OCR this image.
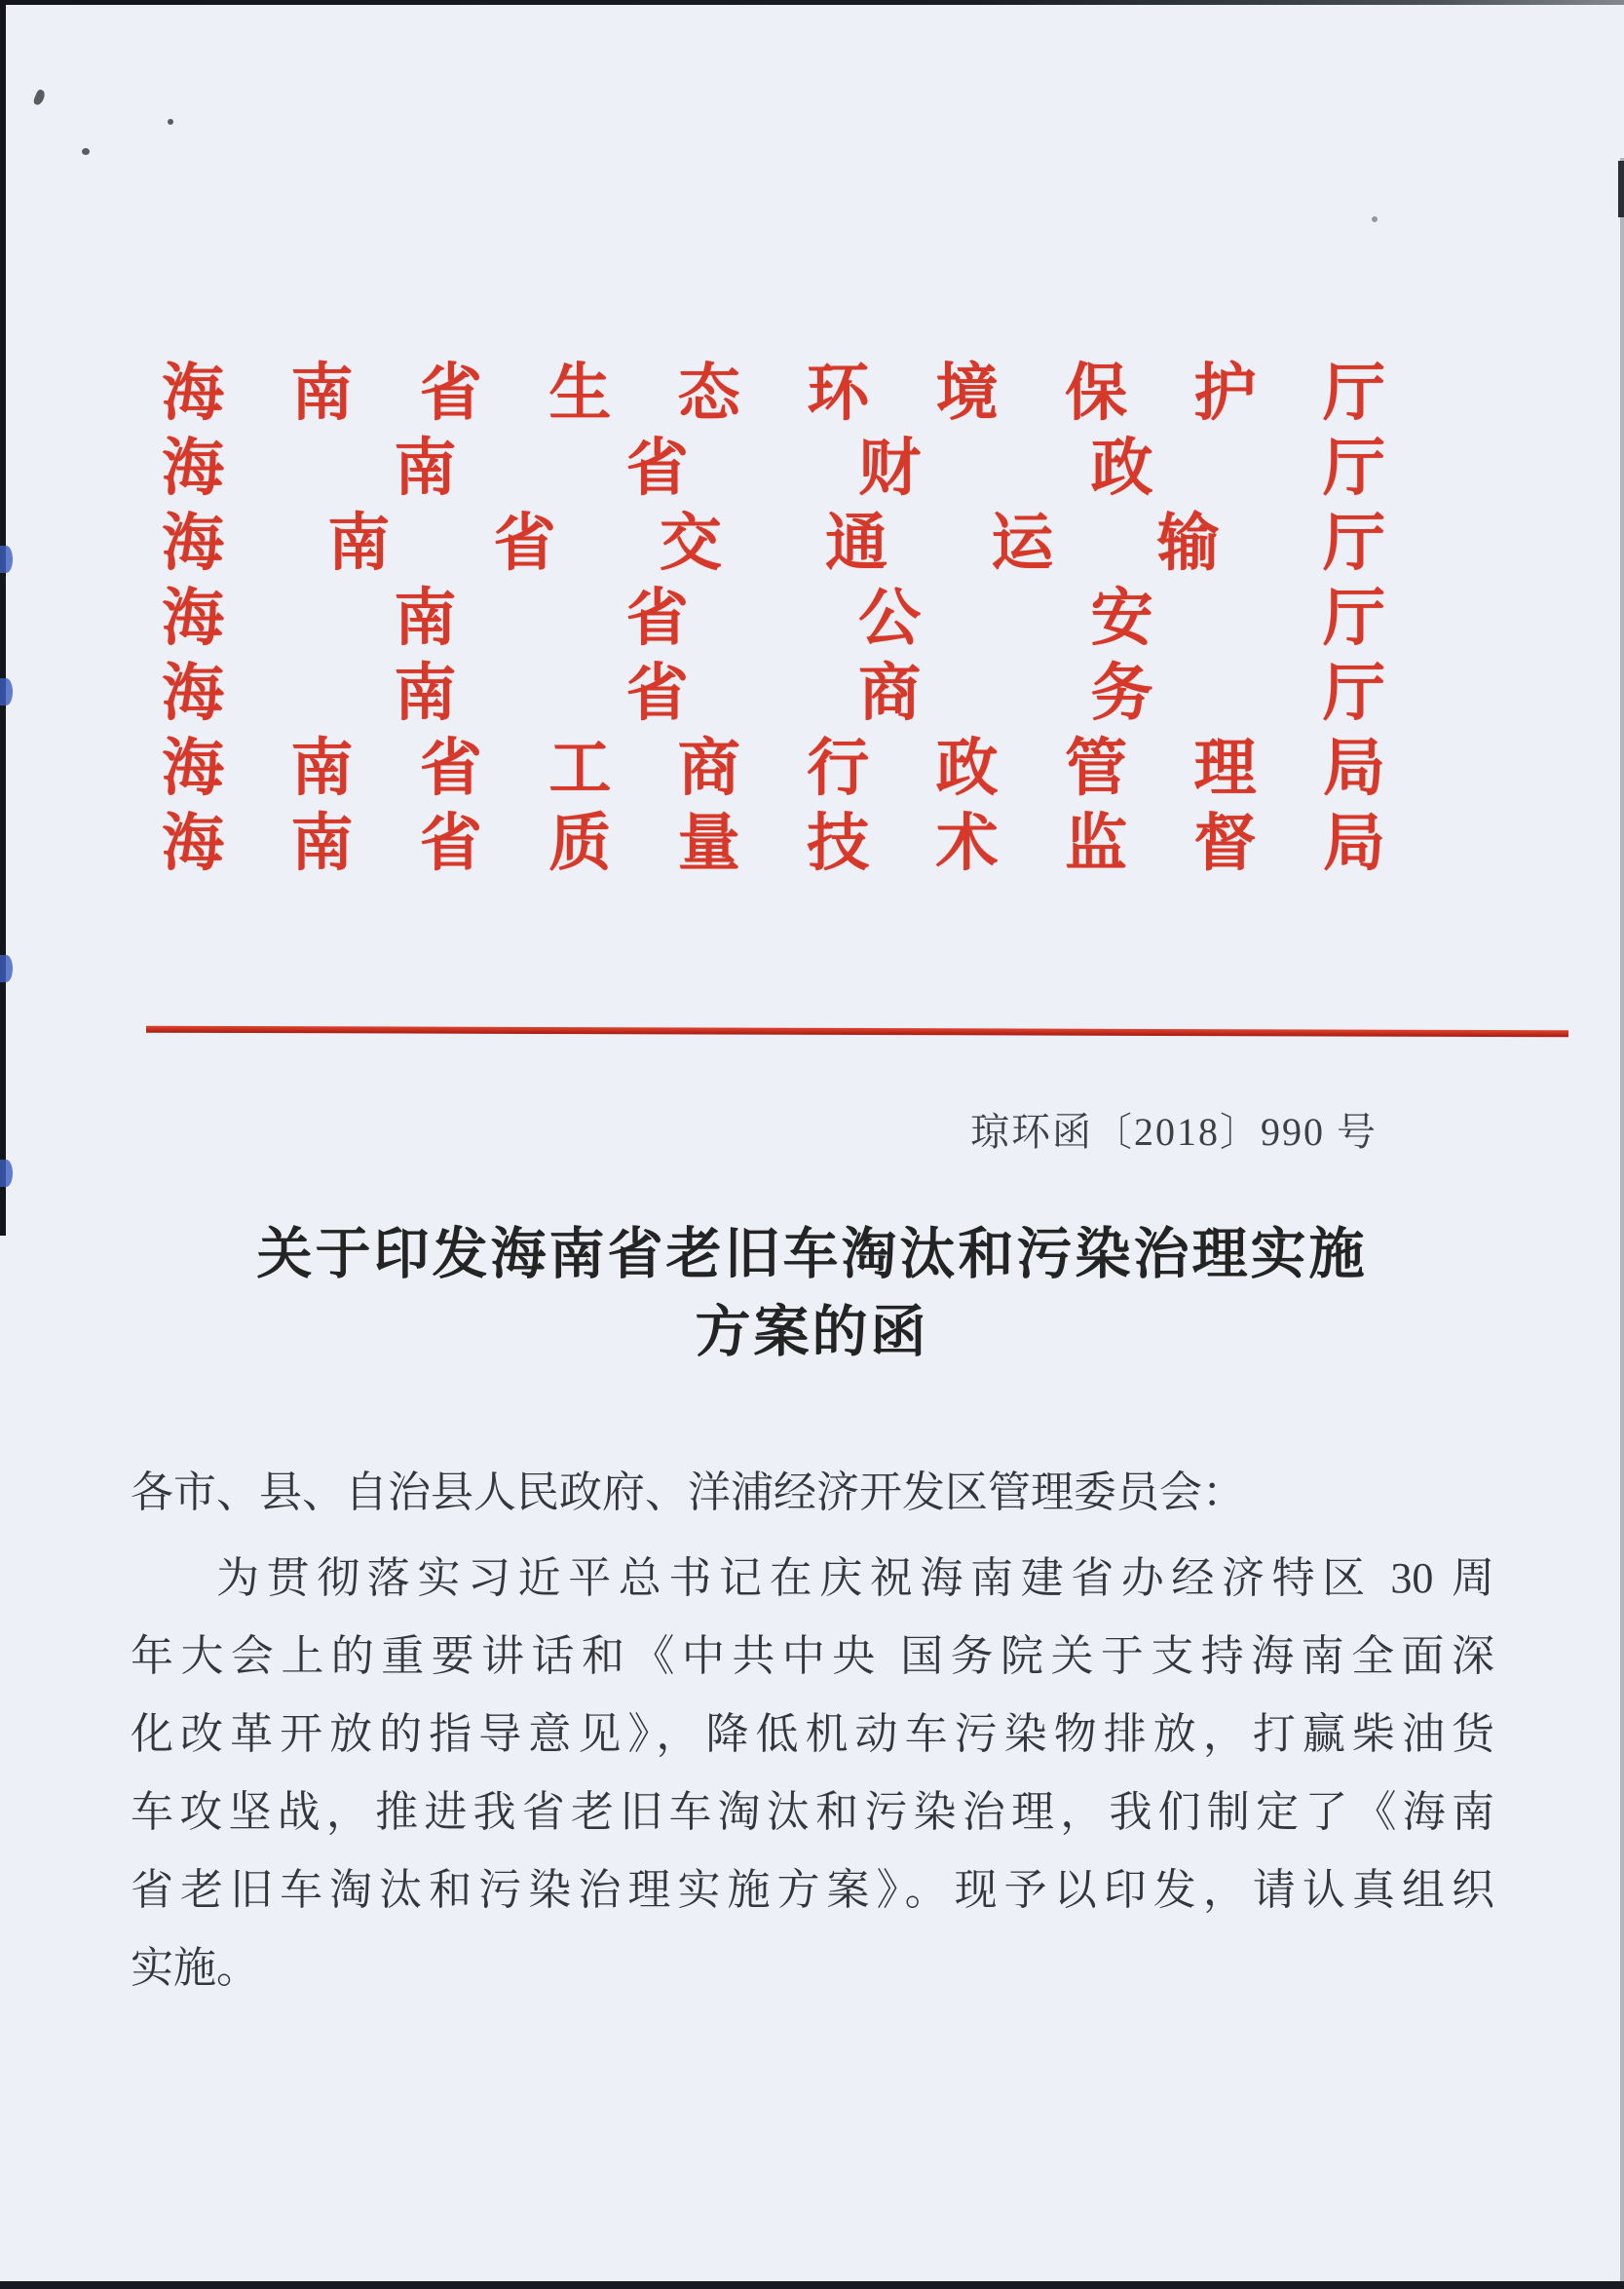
海 南 省 生 态 环 境 保 护 厅
海	南	省	财	政	厅
海 南 省 交 通 运 输 厅
海	南	省	公	安	厅
海	南	省	商	务	厅
海 南 省 工 商 行 政 管 理 局
海 南 省 质 量 技 术 监 督 局
琼环函〔2018〕990 号
关于印发海南省老旧车淘汰和污染治理实施
方案的函
各市、县、自治县人民政府、洋浦经济开发区管理委员会：
为贯彻落实习近平总书记在庆祝海南建省办经济特区 30 周
年大会上的重要讲话和《中共中央 国务院关于支持海南全面深
化改革开放的指导意见》，降低机动车污染物排放，打赢柴油货
车攻坚战，推进我省老旧车淘汰和污染治理，我们制定了《海南
省老旧车淘汰和污染治理实施方案》。现予以印发，请认真组织
实施。
